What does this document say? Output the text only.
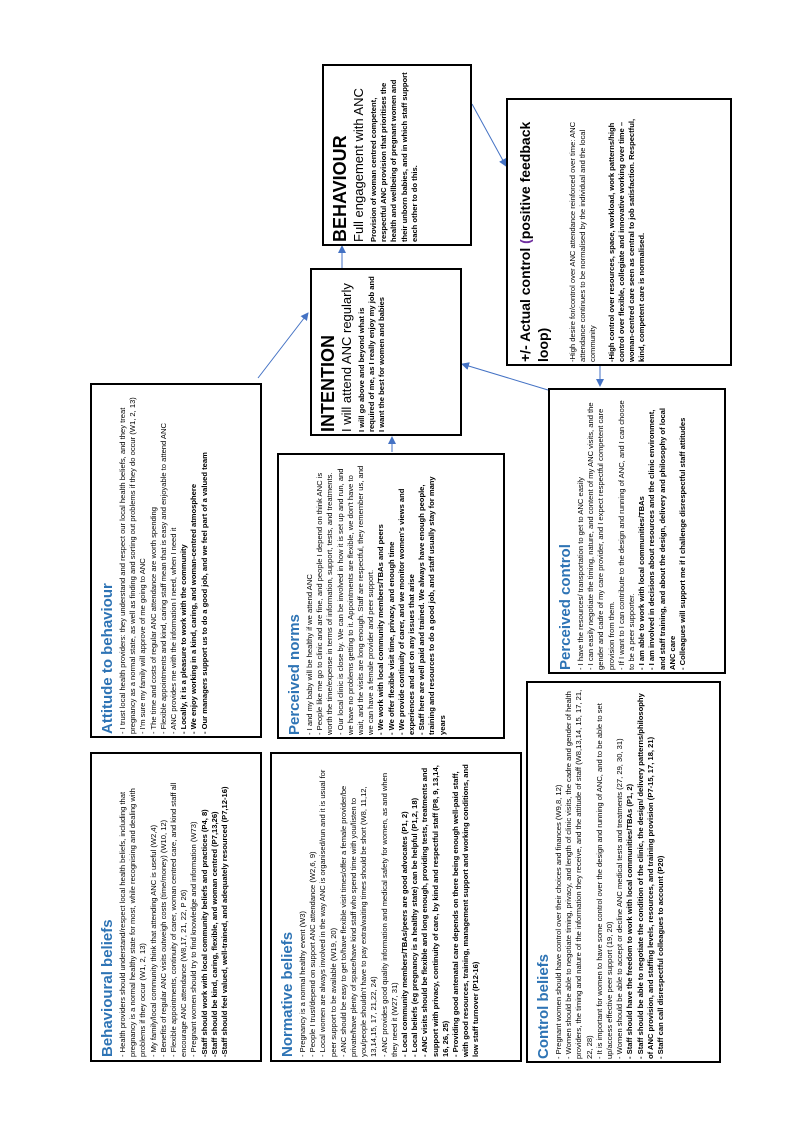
Behavioural beliefs - Health providers should understand/respect local health beliefs, including that pregnancy is a normal healthy state for most, while recognising and dealing with problems if they occur (W1, 2, 13) - My family/local community think that attending ANC is useful (W2,4) - Benefits of regular ANC visits outweigh costs (time/money) (W10, 12) - Flexible appointments, continuity of carer, woman centred care, and kind staff all encourage ANC attendance (W8,17, 21, 22, P 26) - Pregnant women should try to find knowledge and information (W73) -Staff should work with local community beliefs and practices (P4, 8) -Staff should be kind, caring, flexible, and woman centred (P7,13,26) -Staff should feel valued, well-trained, and adequately resourced (P7,12-16)
Attitude to behaviour - I trust local health providers: they understand and respect our local health beliefs, and they treat pregnancy as a normal state, as well as finding and sorting out problems if they do occur (W1, 2, 13) - I'm sure my family will approve of me going to ANC - The time and costs of regular ANC attendance are worth spending - Flexible appointments and kind, caring staff mean that is easy and enjoyable to attend ANC - ANC provides me with the information I need, when I need it - Locally, it is a pleasure to work with the community - We enjoy working in a kind, caring, and woman-centred atmosphere - Our managers support us to do a good job, and we feel part of a valued team
Normative beliefs - Pregnancy is a normal healthy event (W3) - People I trust/depend on support ANC attendance (W2,6, 9) - Local women are always involved in the way ANC is organised/run and it is usual for peer support to be available (W19, 20) - ANC should be easy to get to/have flexible visit times/offer a female provider/be private/have plenty of space/have kind staff who spend time with you/listen to you/people shouldn't have to pay extra/waiting times should be short (W8, 11,12, 13,14,15, 17, 21,22, 24) - ANC provides good quality information and medical safety for women, as and when they need it (W27, 31) - Local community members/TBAs/peers are good advocates (P1, 2) - Local beliefs (eg pregnancy is a healthy state) can be helpful (P1,2, 18) - ANC visits should be flexible and long enough, providing tests, treatments and support with privacy, continuity of care, by kind and respectful staff (P8, 9, 13,14, 16, 26, 25) - Providing good antenatal care depends on there being enough well-paid staff, with good resources, training, management support and working conditions, and low staff turnover (P12-16)
Perceived norms - I and my baby will be healthy if we attend ANC - People like me go to clinic and are fine, and people I depend on think ANC is worth the time/expense in terms of information, support, tests, and treatments. - Our local clinic is close by. We can be involved in how it is set up and run, and we have no problems getting to it. Appointments are flexible, we don't have to wait, and the visits are long enough. Staff are respectful, they remember us, and we can have a female provider and peer support. - We work with local community members/TBAs and peers - We offer flexible visit time, privacy, and enough time - We provide continuity of carer, and we monitor women's views and experiences and act on any issues that arise - Staff here are well paid and trained. We always have enough people, training and resources to do a good job, and staff usually stay for many years
Control beliefs - Pregnant women should have control over their choices and finances (W9,8, 12) - Women should be able to negotiate timing, privacy, and length of clinic visits, the cadre and gender of health providers, the timing and nature of the information they receive, and the attitude of staff (W8,13,14, 15, 17, 21, 22, 28) - It is important for women to have some control over the design and running of ANC, and to be able to set up/access effective peer support (19, 20) - Women should be able to accept or decline ANC medical tests and treatments (27, 29, 30, 31) - Staff should have the freedom to work with local communities/TBAs (P1, 2) - Staff should be able to negotiate the condition of the clinic, the design/ delivery patterns/philosophy of ANC provision, and staffing levels, resources, and training provision (P7-15, 17, 18, 21) - Staff can call disrespectful colleagues to account (P20)
Perceived control - I have the resources/ transportation to get to ANC easily - I can easily negotiate the timing, nature, and content of my ANC visits, and the gender and cadre of my care provider, and I expect respectful competent care provision from them. - If I want to I can contribute to the design and running of ANC, and I can choose to be a peer supporter. - I am able to work with local communities/TBAs - I am involved in decisions about resources and the clinic environment, and staff training, and about the design, delivery and philosophy of local ANC care - Colleagues will support me if I challenge disrespectful staff attitudes
INTENTION I will attend ANC regularly I will go above and beyond what is required of me, as I really enjoy my job and I want the best for women and babies
BEHAVIOUR Full engagement with ANC Provision of woman centred competent, respectful ANC provision that prioritises the health and wellbeing of pregnant women and their unborn babies, and in which staff support each other to do this.
+/- Actual control (positive feedback loop) -High desire for/control over ANC attendance reinforced over time: ANC attendance continues to be normalised by the individual and the local community -High control over resources, space, workload, work patterns/high control over flexible, collegiate and innovative working over time – woman-centred care seen as central to job satisfaction. Respectful, kind, competent care is normalised.
